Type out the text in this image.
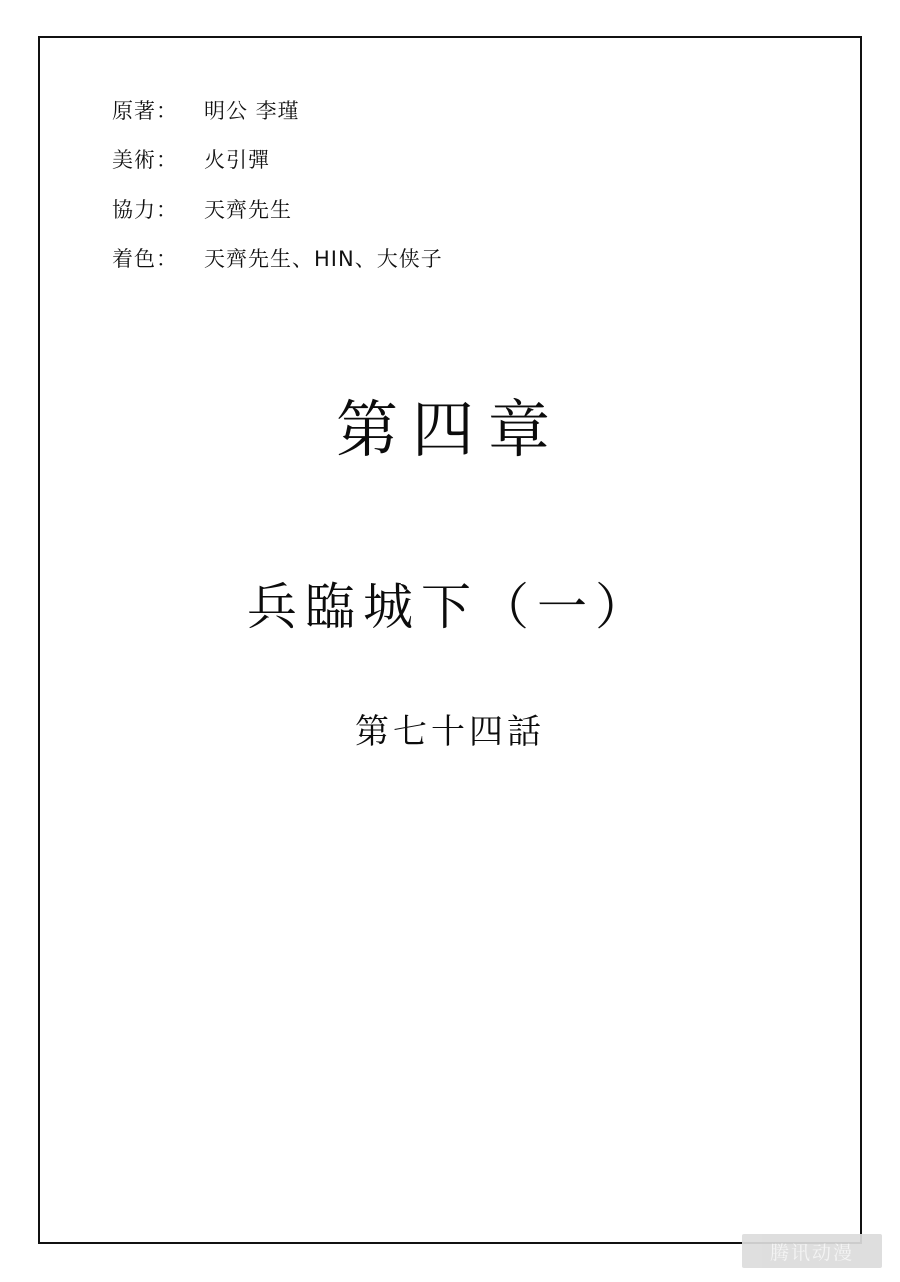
原著：	明公 李瑾
美術：	火引彈
協力：	天齊先生
着色：	天齊先生、HIN、大侠子
第四章
兵臨城下（一）
第七十四話
腾讯动漫
